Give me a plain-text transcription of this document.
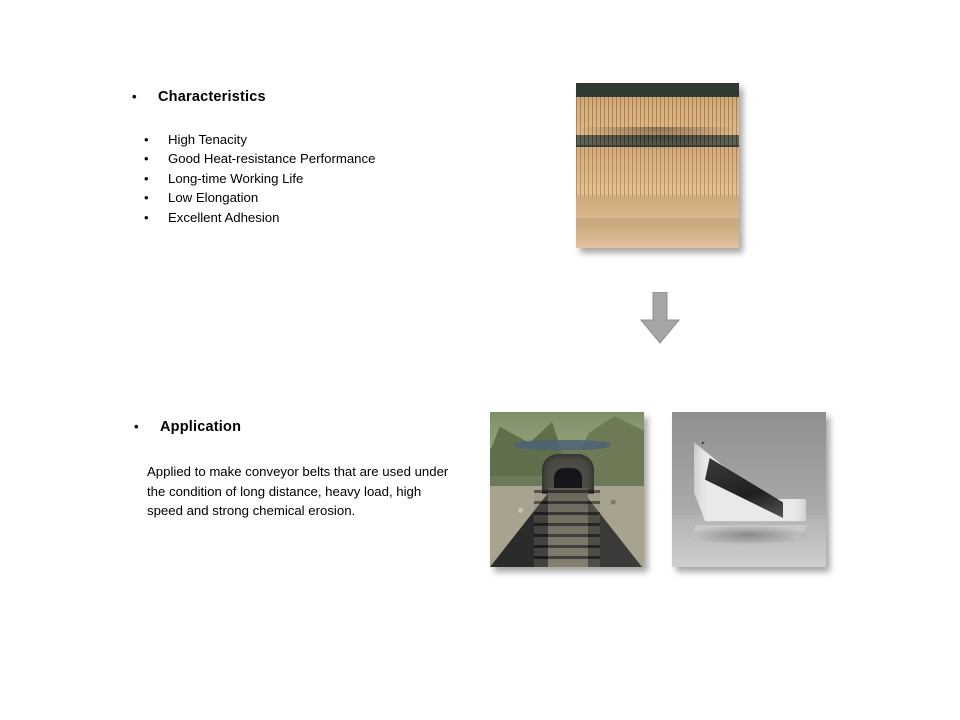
• Characteristics
• High Tenacity
• Good Heat-resistance Performance
• Long-time Working Life
• Low Elongation
• Excellent Adhesion
• Application
Applied to make conveyor belts that are used under the condition of long distance, heavy load, high speed and strong chemical erosion.
